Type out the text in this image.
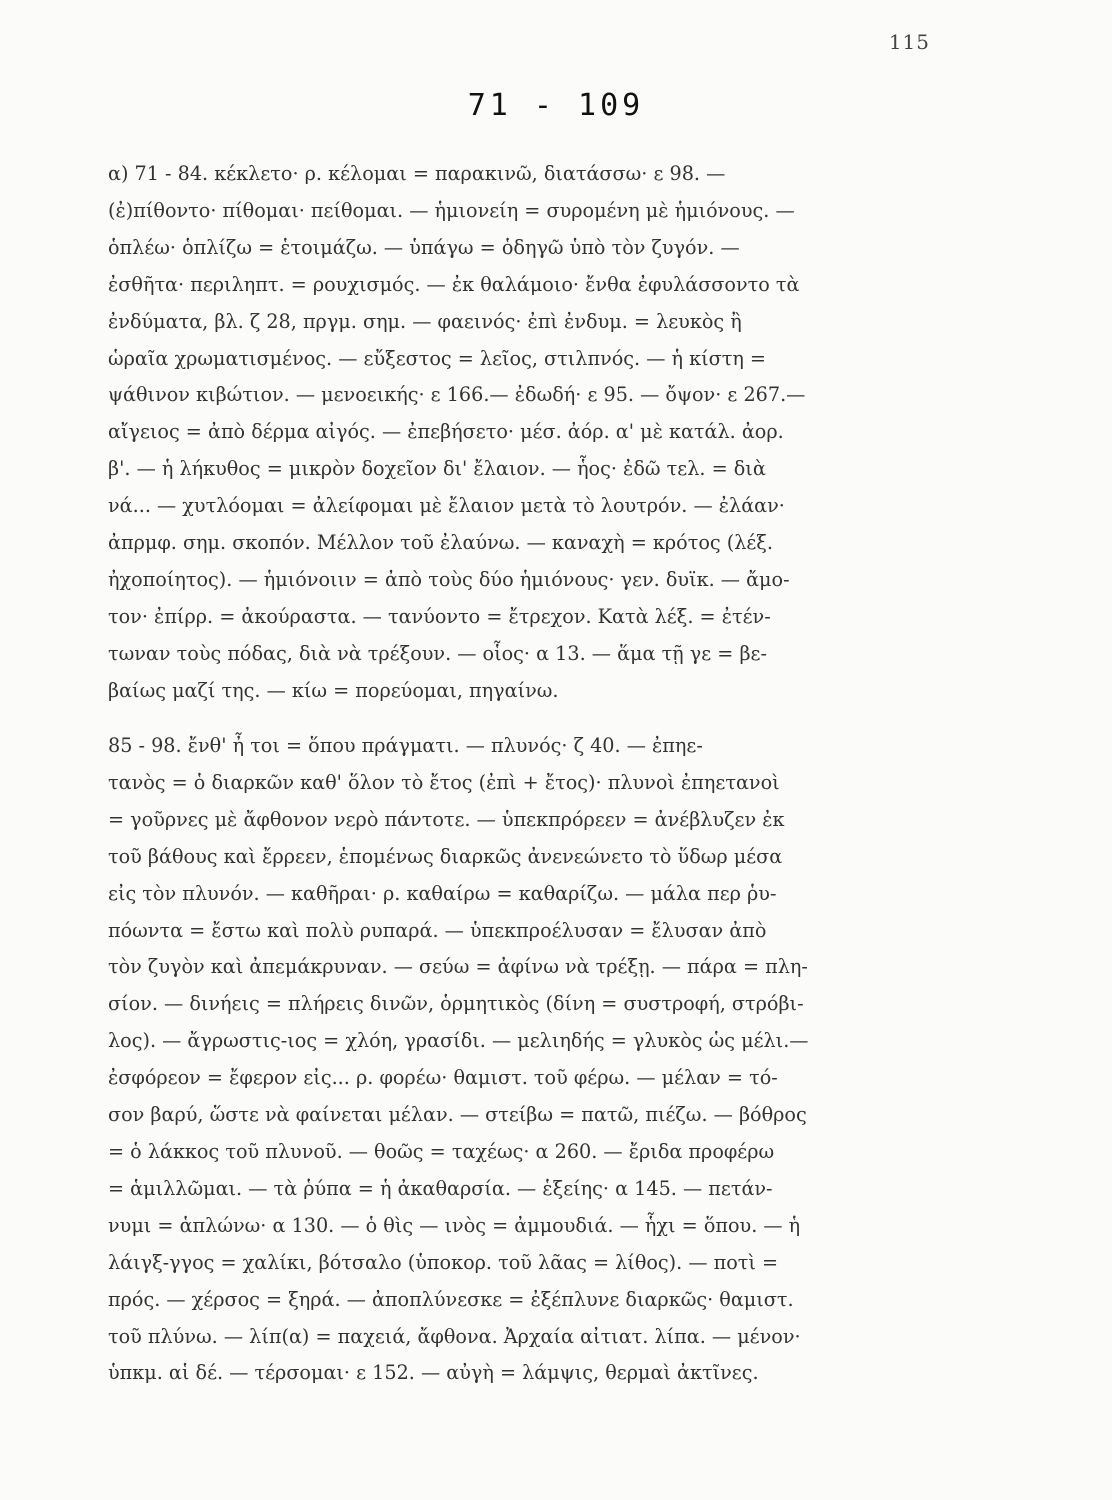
115
71 - 109
α) 71 - 84. κέκλετο· ρ. κέλομαι = παρακινῶ, διατάσσω· ε 98. —
(ἐ)πίθοντο· πίθομαι· πείθομαι. — ἡμιονείη = συρομένη μὲ ἡμιόνους. —
ὁπλέω· ὁπλίζω = ἑτοιμάζω. — ὑπάγω = ὁδηγῶ ὑπὸ τὸν ζυγόν. —
ἐσθῆτα· περιληπτ. = ρουχισμός. — ἐκ θαλάμοιο· ἔνθα ἐφυλάσσοντο τὰ
ἐνδύματα, βλ. ζ 28, πργμ. σημ. — φαεινός· ἐπὶ ἐνδυμ. = λευκὸς ἢ
ὡραῖα χρωματισμένος. — εὔξεστος = λεῖος, στιλπνός. — ἡ κίστη =
ψάθινον κιβώτιον. — μενοεικής· ε 166.— ἐδωδή· ε 95. — ὄψον· ε 267.—
αἴγειος = ἀπὸ δέρμα αἰγός. — ἐπεβήσετο· μέσ. ἀόρ. α' μὲ κατάλ. ἀορ.
β'. — ἡ λήκυθος = μικρὸν δοχεῖον δι' ἔλαιον. — ἧος· ἐδῶ τελ. = διὰ
νά... — χυτλόομαι = ἀλείφομαι μὲ ἔλαιον μετὰ τὸ λουτρόν. — ἐλάαν·
ἀπρμφ. σημ. σκοπόν. Μέλλον τοῦ ἐλαύνω. — καναχὴ = κρότος (λέξ.
ἠχοποίητος). — ἡμιόνοιιν = ἀπὸ τοὺς δύο ἡμιόνους· γεν. δυϊκ. — ἄμο-
τον· ἐπίρρ. = ἀκούραστα. — τανύοντο = ἔτρεχον. Κατὰ λέξ. = ἐτέν-
τωναν τοὺς πόδας, διὰ νὰ τρέξουν. — οἷος· α 13. — ἅμα τῇ γε = βε-
βαίως μαζί της. — κίω = πορεύομαι, πηγαίνω.
85 - 98. ἔνθ' ἦ τοι = ὅπου πράγματι. — πλυνός· ζ 40. — ἐπηε-
τανὸς = ὁ διαρκῶν καθ' ὅλον τὸ ἔτος (ἐπὶ + ἔτος)· πλυνοὶ ἐπηετανοὶ
= γοῦρνες μὲ ἄφθονον νερὸ πάντοτε. — ὑπεκπρόρεεν = ἀνέβλυζεν ἐκ
τοῦ βάθους καὶ ἔρρεεν, ἑπομένως διαρκῶς ἀνενεώνετο τὸ ὕδωρ μέσα
εἰς τὸν πλυνόν. — καθῆραι· ρ. καθαίρω = καθαρίζω. — μάλα περ ῥυ-
πόωντα = ἔστω καὶ πολὺ ρυπαρά. — ὑπεκπροέλυσαν = ἔλυσαν ἀπὸ
τὸν ζυγὸν καὶ ἀπεμάκρυναν. — σεύω = ἀφίνω νὰ τρέξῃ. — πάρα = πλη-
σίον. — δινήεις = πλήρεις δινῶν, ὁρμητικὸς (δίνη = συστροφή, στρόβι-
λος). — ἄγρωστις-ιος = χλόη, γρασίδι. — μελιηδής = γλυκὸς ὡς μέλι.—
ἐσφόρεον = ἔφερον εἰς... ρ. φορέω· θαμιστ. τοῦ φέρω. — μέλαν = τό-
σον βαρύ, ὥστε νὰ φαίνεται μέλαν. — στείβω = πατῶ, πιέζω. — βόθρος
= ὁ λάκκος τοῦ πλυνοῦ. — θοῶς = ταχέως· α 260. — ἔριδα προφέρω
= ἁμιλλῶμαι. — τὰ ῥύπα = ἡ ἀκαθαρσία. — ἑξείης· α 145. — πετάν-
νυμι = ἁπλώνω· α 130. — ὁ θὶς — ινὸς = ἀμμουδιά. — ἧχι = ὅπου. — ἡ
λάιγξ-γγος = χαλίκι, βότσαλο (ὑποκορ. τοῦ λᾶας = λίθος). — ποτὶ =
πρός. — χέρσος = ξηρά. — ἀποπλύνεσκε = ἐξέπλυνε διαρκῶς· θαμιστ.
τοῦ πλύνω. — λίπ(α) = παχειά, ἄφθονα. Ἀρχαία αἰτιατ. λίπα. — μένον·
ὑπκμ. αἱ δέ. — τέρσομαι· ε 152. — αὐγὴ = λάμψις, θερμαὶ ἀκτῖνες.
